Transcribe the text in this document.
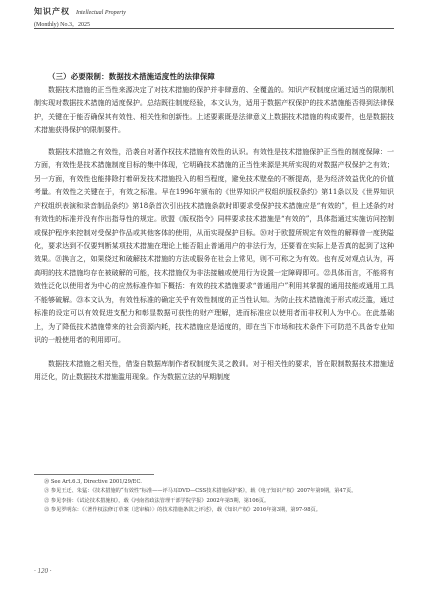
知识产权 Intellectual Property
(Monthly) No.3，2025
（三）必要限制：数据技术措施适度性的法律保障

数据技术措施的正当性来源决定了对技术措施的保护并非肆意的、全覆盖的。知识产权制度应通过适当的限制机制实现对数据技术措施的适度保护。总结既往制度经验，本文认为，适用于数据产权保护的技术措施能否得到法律保护，关键在于能否确保其有效性、相关性和创新性。上述要素既是法律意义上数据技术措施的构成要件，也是数据技术措施获得保护的限制要件。

数据技术措施之有效性，沿袭自对著作权技术措施有效性的认识。有效性是技术措施保护正当性的制度保障：一方面，有效性是技术措施制度目标的集中体现，它明确技术措施的正当性来源是其所实现的对数据产权保护之有效；另一方面，有效性也能排除打着研发技术措施投入的相当程度，避免技术壁垒的不断提高，是为经济效益优化的价值考量。有效性之关键在于，有效之标准。早在1996年颁布的《世界知识产权组织版权条约》第11条以及《世界知识产权组织表演和录音制品条约》第18条首次引出技术措施条款时即要求受保护技术措施应是“有效的”，但上述条约对有效性的标准并没有作出指导性的规定。欧盟《版权指令》同样要求技术措施是“有效的”，具体指通过实施访问控制或保护程序来控制对受保护作品或其他客体的使用，从而实现保护目标。⑳对于欧盟所规定有效性的解释曾一度狭隘化，要求达到不仅要判断某项技术措施在理论上能否阻止普通用户的非法行为，还要看在实际上是否真的起到了这种效果。㉑换言之，如果绕过和破解技术措施的方法或服务在社会上常见，则不可称之为有效。也有反对观点认为，再高明的技术措施均存在被破解的可能，技术措施仅为非法接触或使用行为设置一定障碍即可。㉒具体而言，不能将有效性泛化以使用者为中心的应然标准作如下概括：有效的技术措施要求“普通用户”利用其掌握的通用技能或通用工具不能够破解。㉓本文认为，有效性标准的确定关乎有效性制度的正当性认知。为防止技术措施流于形式或泛滥，通过标准的设定可以有效促进支配力和彰显数据可获性的财产理解，进而标准应以使用者而非权利人为中心。在此基础上，为了降低技术措施带来的社会资源内耗，技术措施应是适度的，即在当下市场和技术条件下可防范不具备专业知识的一般使用者的利用即可。

数据技术措施之相关性，借鉴自数据库制作者权制度失灵之教训。对于相关性的要求，旨在限制数据技术措施适用泛化，防止数据技术措施滥用现象。作为数据立法的早期制度

⑳ See Art.6.3, Directive 2001/29/EC.

㉑ 参见王迁、朱猛：《技术措施的“有效性”标准——评马耳DVD—CSS技术措施保护案》，载《电子知识产权》2007年第9期，第47页。

㉒ 参见李扬：《试论技术措施权》，载《河南省政法管理干部学院学报》2002年第5期，第106页。

㉓ 参见罗明东：《〈著作权法修订草案（送审稿）〉的技术措施条款之评述》，载《知识产权》2016年第3期，第97-98页。

· 120 ·
